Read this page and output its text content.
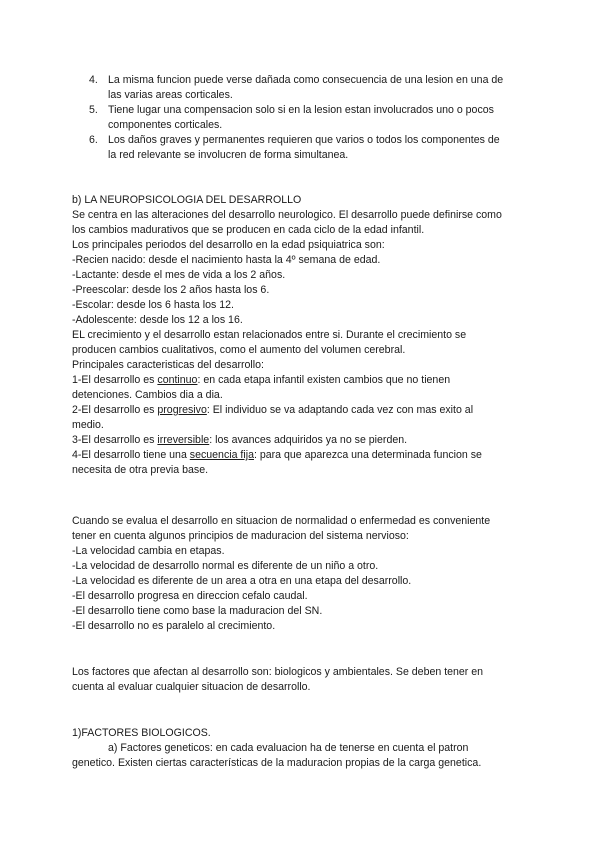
4. La misma funcion puede verse dañada como consecuencia de una lesion en una de
las varias areas corticales.
5. Tiene lugar una compensacion solo si en la lesion estan involucrados uno o pocos
componentes corticales.
6. Los daños graves y permanentes requieren que varios o todos los componentes de
la red relevante se involucren de forma simultanea.
b) LA NEUROPSICOLOGIA DEL DESARROLLO
Se centra en las alteraciones del desarrollo neurologico. El desarrollo puede definirse como
los cambios madurativos que se producen en cada ciclo de la edad infantil.
Los principales periodos del desarrollo en la edad psiquiatrica son:
-Recien nacido: desde el nacimiento hasta la 4º semana de edad.
-Lactante: desde el mes de vida a los 2 años.
-Preescolar: desde los 2 años hasta los 6.
-Escolar: desde los 6 hasta los 12.
-Adolescente: desde los 12 a los 16.
EL crecimiento y el desarrollo estan relacionados entre si. Durante el crecimiento se
producen cambios cualitativos, como el aumento del volumen cerebral.
Principales caracteristicas del desarrollo:
1-El desarrollo es continuo: en cada etapa infantil existen cambios que no tienen
detenciones. Cambios dia a dia.
2-El desarrollo es progresivo: El individuo se va adaptando cada vez con mas exito al
medio.
3-El desarrollo es irreversible: los avances adquiridos ya no se pierden.
4-El desarrollo tiene una secuencia fija: para que aparezca una determinada funcion se
necesita de otra previa base.
Cuando se evalua el desarrollo en situacion de normalidad o enfermedad es conveniente
tener en cuenta algunos principios de maduracion del sistema nervioso:
-La velocidad cambia en etapas.
-La velocidad de desarrollo normal es diferente de un niño a otro.
-La velocidad es diferente de un area a otra en una etapa del desarrollo.
-El desarrollo progresa en direccion cefalo caudal.
-El desarrollo tiene como base la maduracion del SN.
-El desarrollo no es paralelo al crecimiento.
Los factores que afectan al desarrollo son: biologicos y ambientales. Se deben tener en
cuenta al evaluar cualquier situacion de desarrollo.
1)FACTORES BIOLOGICOS.
a) Factores geneticos: en cada evaluacion ha de tenerse en cuenta el patron
genetico. Existen ciertas características de la maduracion propias de la carga genetica.
